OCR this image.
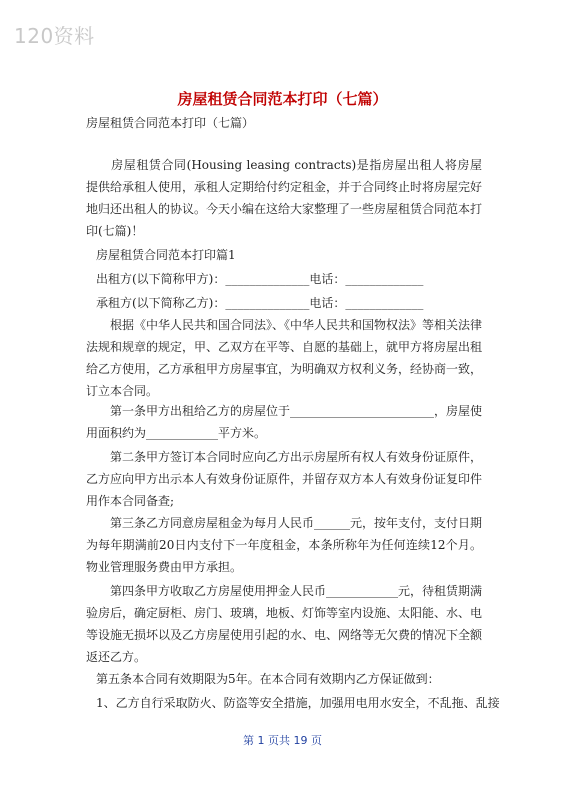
120资料
房屋租赁合同范本打印（七篇）
房屋租赁合同范本打印（七篇）
　　房屋租赁合同(Housing leasing contracts)是指房屋出租人将房屋提供给承租人使用，承租人定期给付约定租金，并于合同终止时将房屋完好地归还出租人的协议。今天小编在这给大家整理了一些房屋租赁合同范本打印(七篇)！
房屋租赁合同范本打印篇1
出租方(以下简称甲方)：______________电话：_____________
承租方(以下简称乙方)：______________电话：_____________
　　根据《中华人民共和国合同法》、《中华人民共和国物权法》等相关法律法规和规章的规定，甲、乙双方在平等、自愿的基础上，就甲方将房屋出租给乙方使用，乙方承租甲方房屋事宜，为明确双方权利义务，经协商一致，订立本合同。
　　第一条甲方出租给乙方的房屋位于________________________，房屋使用面积约为____________平方米。
　　第二条甲方签订本合同时应向乙方出示房屋所有权人有效身份证原件，乙方应向甲方出示本人有效身份证原件，并留存双方本人有效身份证复印件用作本合同备查;
　　第三条乙方同意房屋租金为每月人民币______元，按年支付，支付日期为每年期满前20日内支付下一年度租金，本条所称年为任何连续12个月。物业管理服务费由甲方承担。
　　第四条甲方收取乙方房屋使用押金人民币____________元，待租赁期满验房后，确定厨柜、房门、玻璃，地板、灯饰等室内设施、太阳能、水、电等设施无损坏以及乙方房屋使用引起的水、电、网络等无欠费的情况下全额返还乙方。
第五条本合同有效期限为5年。在本合同有效期内乙方保证做到：
1、乙方自行采取防火、防盗等安全措施，加强用电用水安全，不乱拖、乱接
第 1 页共 19 页
